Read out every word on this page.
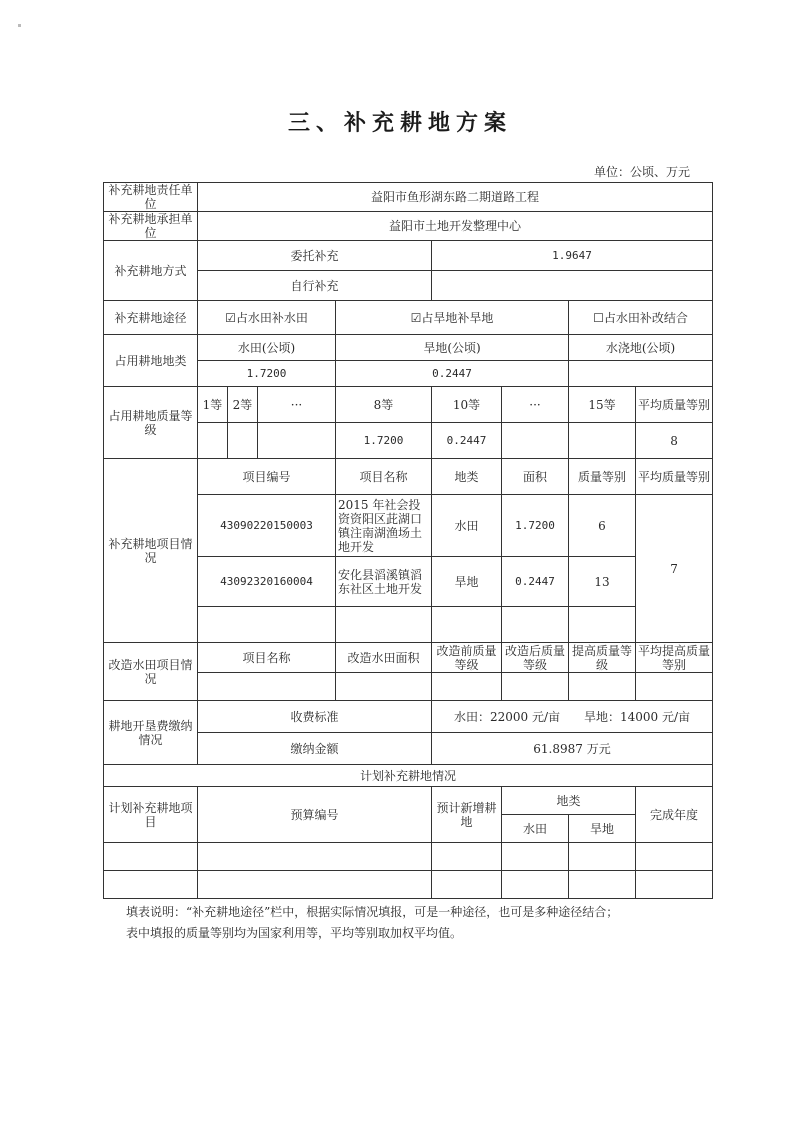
三、补充耕地方案
单位：公顷、万元
补充耕地责任单位	益阳市鱼形湖东路二期道路工程							
补充耕地承担单位	益阳市土地开发整理中心							
补充耕地方式	委托补充				1.9647			
	自行补充							
补充耕地途径	☑占水田补水田			☑占旱地补旱地			☐占水田补改结合	
占用耕地地类	水田(公顷)			旱地(公顷)			水浇地(公顷)	
	1.7200			0.2447				
占用耕地质量等级	1等	2等	···	8等	10等	···	15等	平均质量等别
				1.7200	0.2447			8
补充耕地项目情况	项目编号			项目名称	地类	面积	质量等别	平均质量等别
	43090220150003			2015 年社会投资资阳区茈湖口镇注南湖渔场土地开发	水田	1.7200	6	7
	43092320160004			安化县滔溪镇滔东社区土地开发	旱地	0.2447	13	

改造水田项目情况	项目名称			改造水田面积	改造前质量等级	改造后质量等级	提高质量等级	平均提高质量等别

耕地开垦费缴纳情况	收费标准				水田：22000 元/亩　　旱地：14000 元/亩			
	缴纳金额				61.8987 万元			
计划补充耕地情况								
计划补充耕地项目	预算编号				预计新增耕地	地类		完成年度
						水田	旱地	

填表说明：“补充耕地途径”栏中，根据实际情况填报，可是一种途径，也可是多种途径结合；

表中填报的质量等别均为国家利用等，平均等别取加权平均值。
